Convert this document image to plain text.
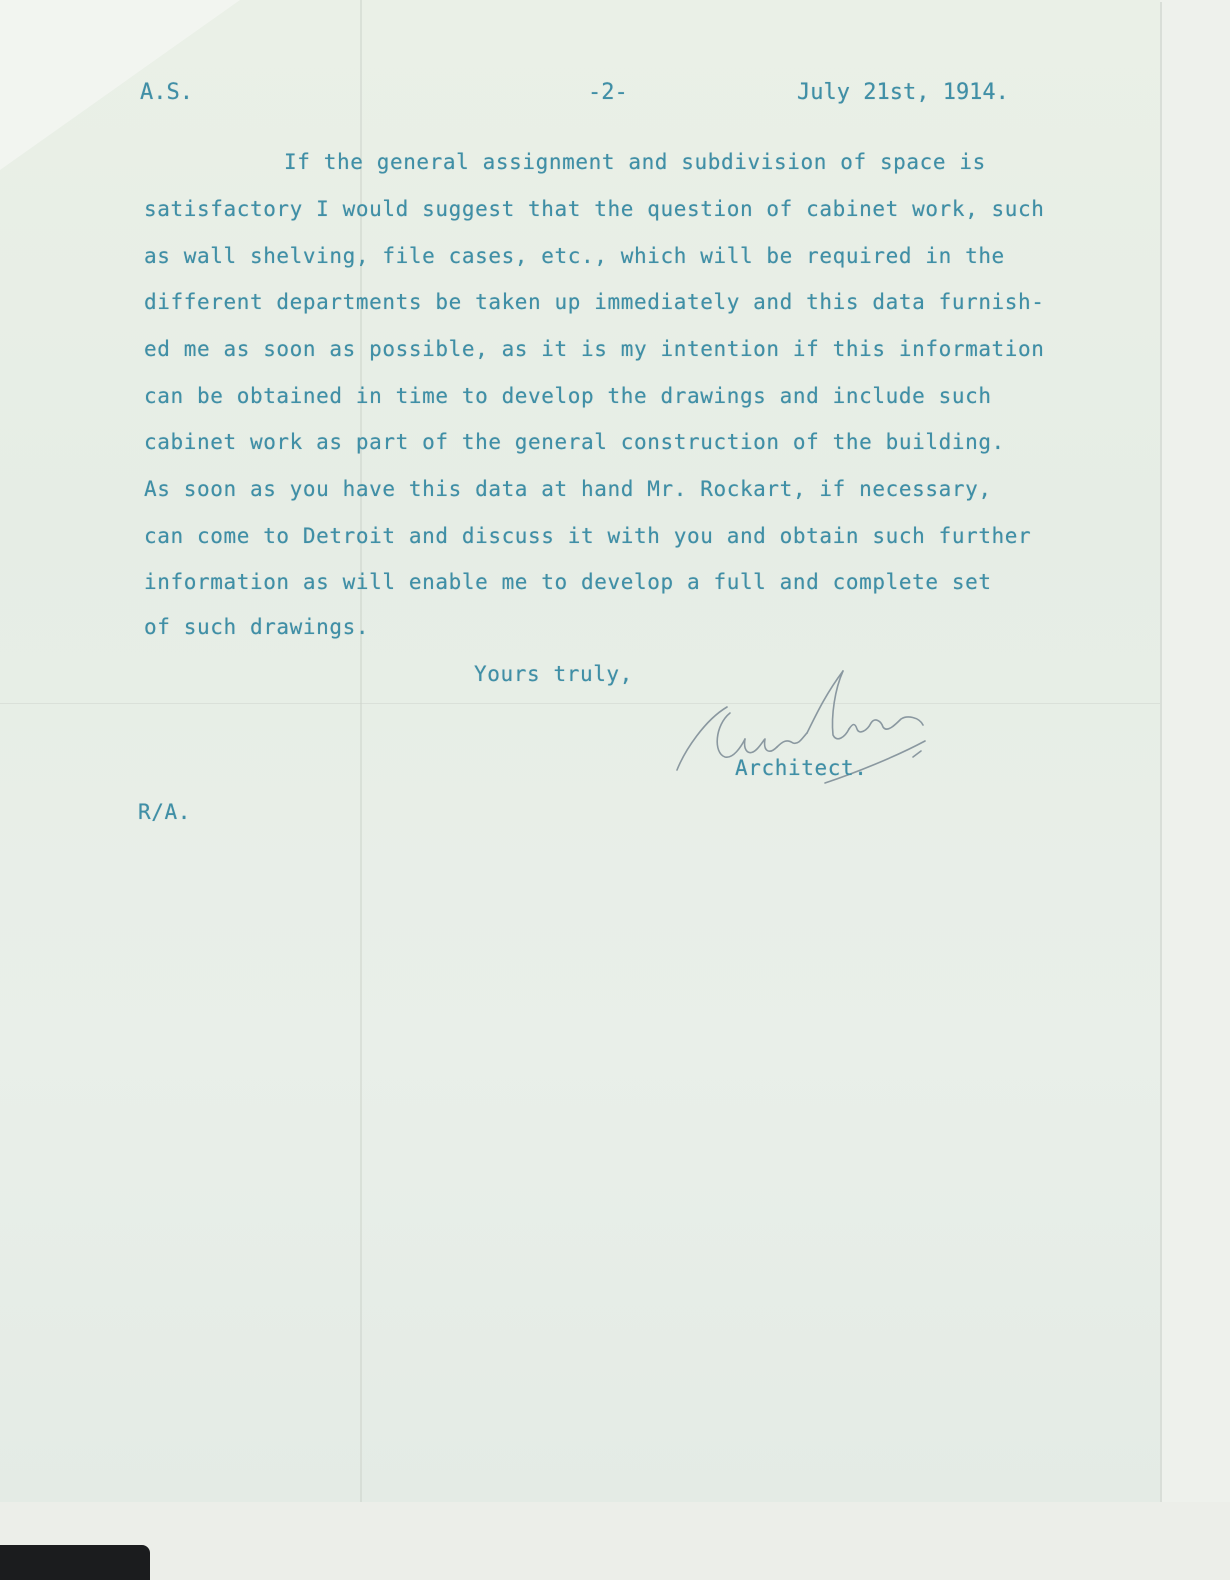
A.S.	-2-	July 21st, 1914.
If the general assignment and subdivision of space is
satisfactory I would suggest that the question of cabinet work, such
as wall shelving, file cases, etc., which will be required in the
different departments be taken up immediately and this data furnish-
ed me as soon as possible, as it is my intention if this information
can be obtained in time to develop the drawings and include such
cabinet work as part of the general construction of the building.
As soon as you have this data at hand Mr. Rockart, if necessary,
can come to Detroit and discuss it with you and obtain such further
information as will enable me to develop a full and complete set
of such drawings.
Yours truly,
Architect.
R/A.
